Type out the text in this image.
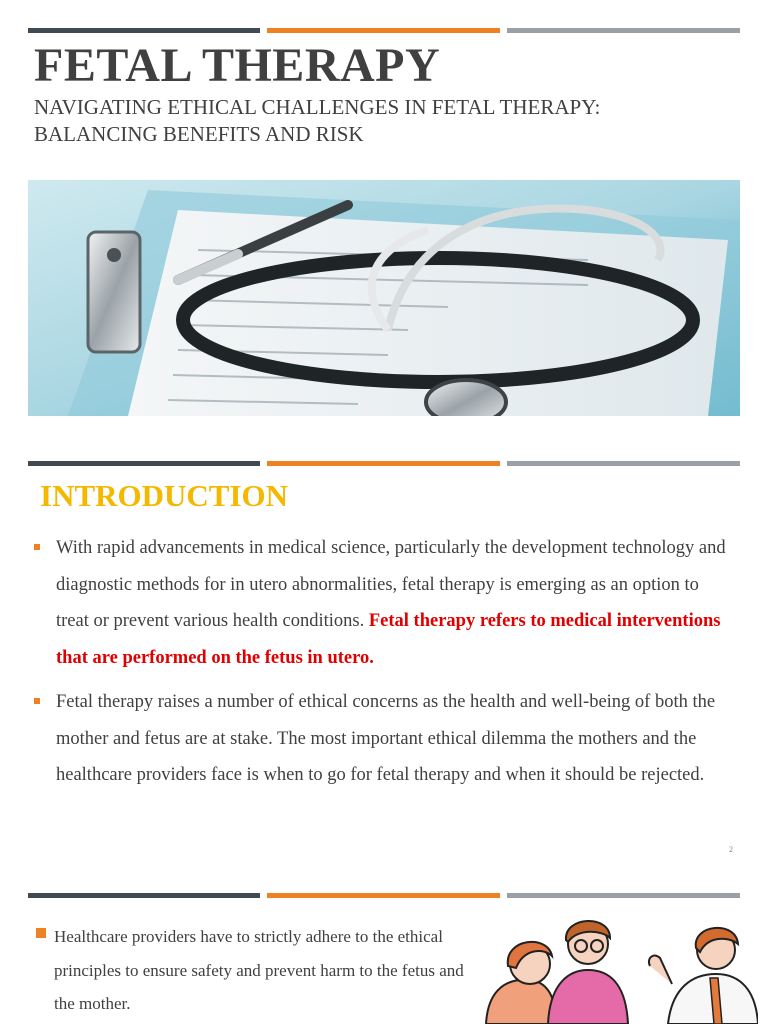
FETAL THERAPY
NAVIGATING ETHICAL CHALLENGES IN FETAL THERAPY:
BALANCING BENEFITS AND RISK
INTRODUCTION
With rapid advancements in medical science, particularly the development technology and diagnostic methods for in utero abnormalities, fetal therapy is emerging as an option to treat or prevent various health conditions. Fetal therapy refers to medical interventions that are performed on the fetus in utero.
Fetal therapy raises a number of ethical concerns as the health and well-being of both the mother and fetus are at stake. The most important ethical dilemma the mothers and the healthcare providers face is when to go for fetal therapy and when it should be rejected.
2
Healthcare providers have to strictly adhere to the ethical principles to ensure safety and prevent harm to the fetus and the mother.
